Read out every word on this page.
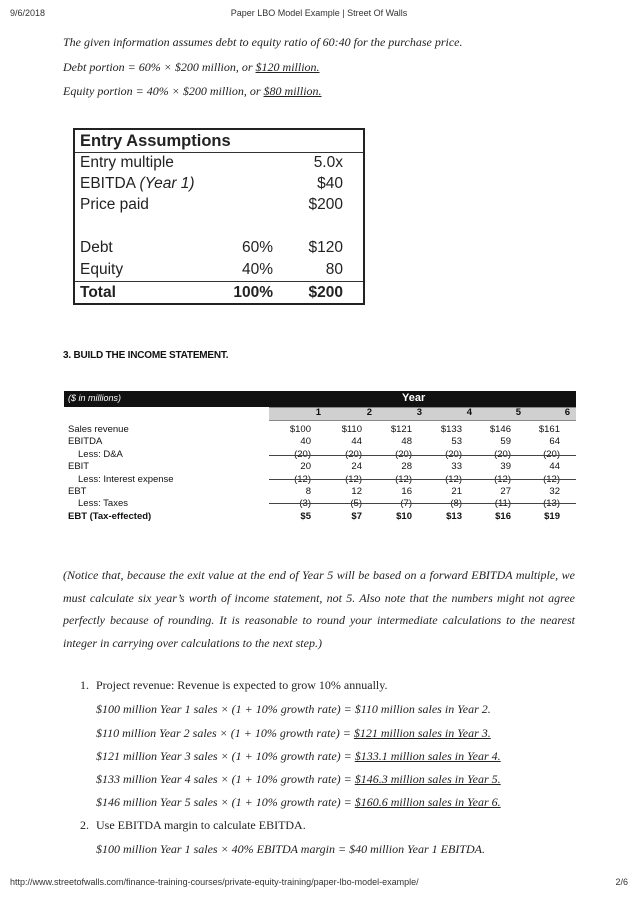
9/6/2018	Paper LBO Model Example | Street Of Walls
The given information assumes debt to equity ratio of 60:40 for the purchase price.
Debt portion = 60% × $200 million, or $120 million.
Equity portion = 40% × $200 million, or $80 million.
Entry Assumptions
Entry multiple	5.0x
EBITDA (Year 1)	$40
Price paid	$200
Debt	60% $120
Equity	40%	80
Total	100% $200
3. BUILD THE INCOME STATEMENT.
($ in millions)	Year
1	2	3	4	5	6
Sales revenue	$100	$110	$121	$133	$146	$161
EBITDA	40	44	48	53	59	64
Less: D&A	(20)	(20)	(20)	(20)	(20)	(20)
EBIT	20	24	28	33	39	44
Less: Interest expense	(12)	(12)	(12)	(12)	(12)	(12)
EBT	8	12	16	21	27	32
Less: Taxes	(3)	(5)	(7)	(8)	(11)	(13)
EBT (Tax-effected)	$5	$7	$10	$13	$16	$19
(Notice that, because the exit value at the end of Year 5 will be based on a forward EBITDA multiple, we must calculate six year’s worth of income statement, not 5. Also note that the numbers might not agree perfectly because of rounding. It is reasonable to round your intermediate calculations to the nearest integer in carrying over calculations to the next step.)
1. Project revenue: Revenue is expected to grow 10% annually.
$100 million Year 1 sales × (1 + 10% growth rate) = $110 million sales in Year 2.
$110 million Year 2 sales × (1 + 10% growth rate) = $121 million sales in Year 3.
$121 million Year 3 sales × (1 + 10% growth rate) = $133.1 million sales in Year 4.
$133 million Year 4 sales × (1 + 10% growth rate) = $146.3 million sales in Year 5.
$146 million Year 5 sales × (1 + 10% growth rate) = $160.6 million sales in Year 6.
2. Use EBITDA margin to calculate EBITDA.
$100 million Year 1 sales × 40% EBITDA margin = $40 million Year 1 EBITDA.
http://www.streetofwalls.com/finance-training-courses/private-equity-training/paper-lbo-model-example/	2/6
